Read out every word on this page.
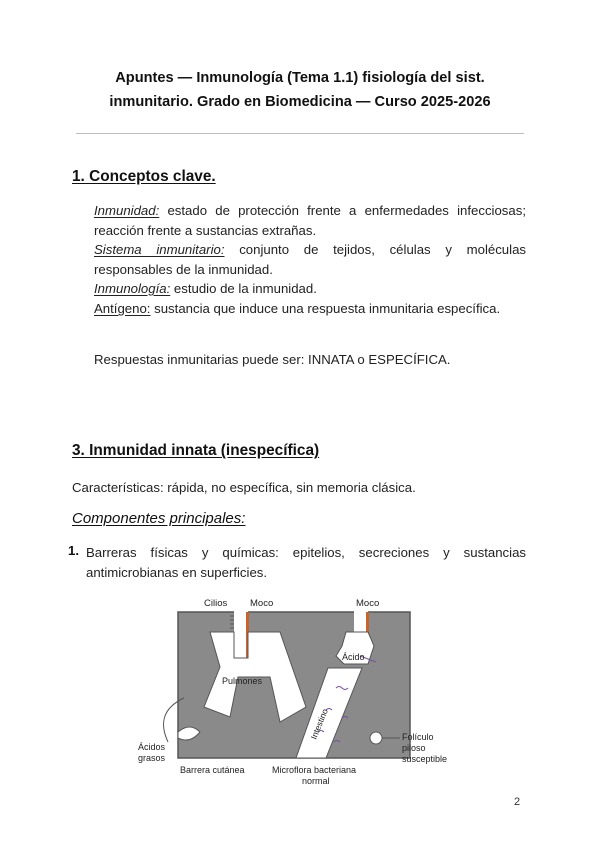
Apuntes — Inmunología (Tema 1.1) fisiología del sist.
inmunitario. Grado en Biomedicina — Curso 2025-2026
1. Conceptos clave.
Inmunidad: estado de protección frente a enfermedades infecciosas; reacción frente a sustancias extrañas.
Sistema inmunitario: conjunto de tejidos, células y moléculas responsables de la inmunidad.
Inmunología: estudio de la inmunidad.
Antígeno: sustancia que induce una respuesta inmunitaria específica.
Respuestas inmunitarias puede ser: INNATA o ESPECÍFICA.
3. Inmunidad innata (inespecífica)
Características: rápida, no específica, sin memoria clásica.
Componentes principales:
1. Barreras físicas y químicas: epitelios, secreciones y sustancias antimicrobianas en superficies.
Cilios Moco	Moco
Ácido
Pulmones
Intestino
Ácidos
grasos
Barrera cutánea	Microflora bacteriana
normal
Folículo
piloso
susceptible
2
